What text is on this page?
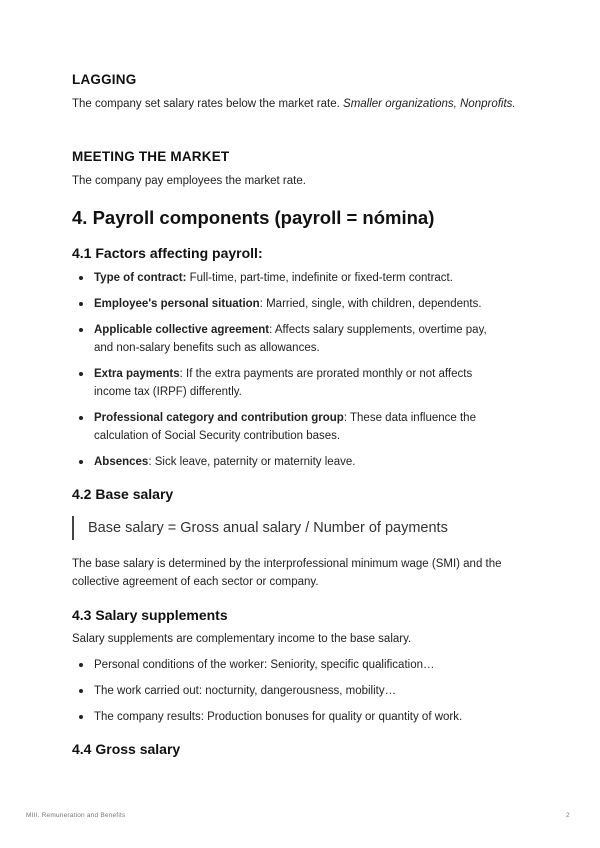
LAGGING
The company set salary rates below the market rate. Smaller organizations, Nonprofits.
MEETING THE MARKET
The company pay employees the market rate.
4. Payroll components (payroll = nómina)
4.1 Factors affecting payroll:
Type of contract: Full-time, part-time, indefinite or fixed-term contract.
Employee's personal situation: Married, single, with children, dependents.
Applicable collective agreement: Affects salary supplements, overtime pay, and non-salary benefits such as allowances.
Extra payments: If the extra payments are prorated monthly or not affects income tax (IRPF) differently.
Professional category and contribution group: These data influence the calculation of Social Security contribution bases.
Absences: Sick leave, paternity or maternity leave.
4.2 Base salary
Base salary = Gross anual salary / Number of payments
The base salary is determined by the interprofessional minimum wage (SMI) and the collective agreement of each sector or company.
4.3 Salary supplements
Salary supplements are complementary income to the base salary.
Personal conditions of the worker: Seniority, specific qualification…
The work carried out: nocturnity, dangerousness, mobility…
The company results: Production bonuses for quality or quantity of work.
4.4 Gross salary
MIII. Remuneration and Benefits	2
